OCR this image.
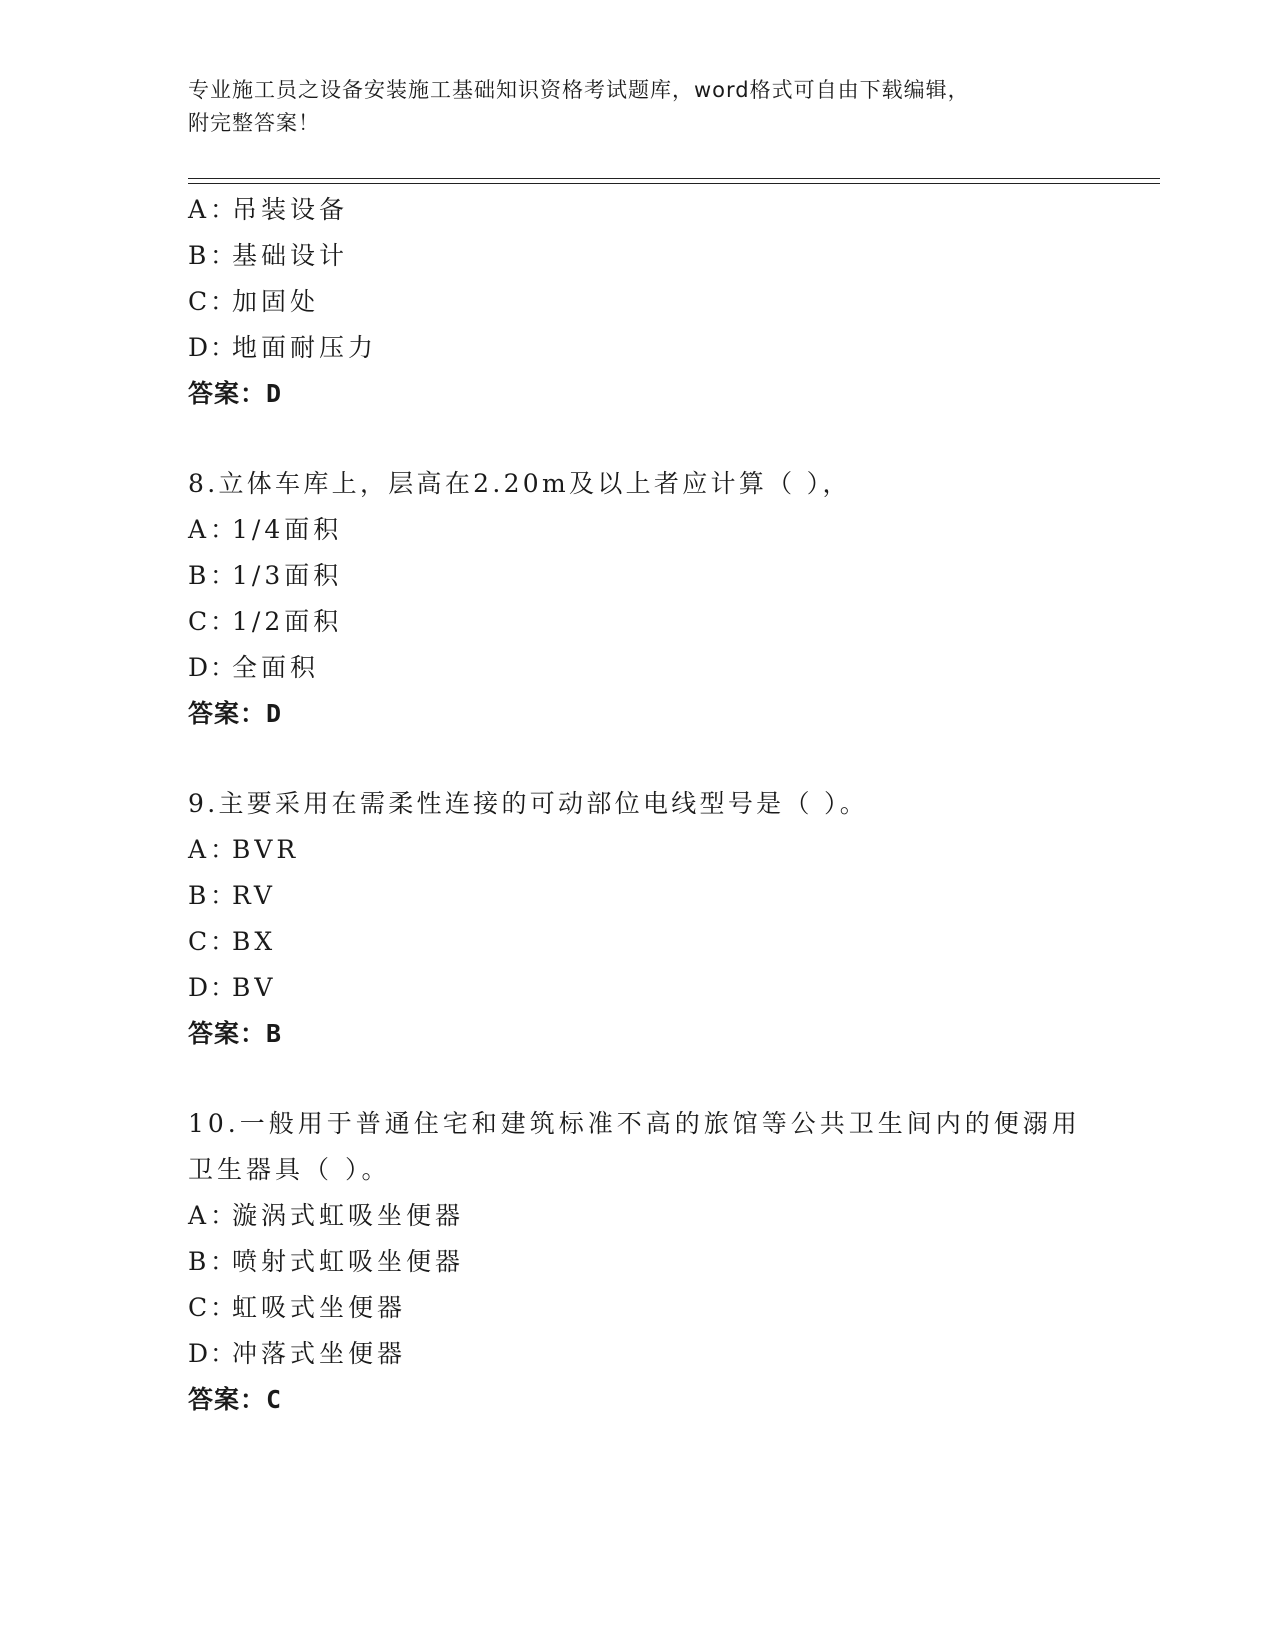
专业施工员之设备安装施工基础知识资格考试题库，word格式可自由下载编辑，
附完整答案！
A ：吊装设备
B ：基础设计
C ：加固处
D：地面耐压力
答案：D
8.立体车库上，层高在2.20m及以上者应计算（ ），
A ：1/4面积
B ：1/3面积
C ：1/2面积
D：全面积
答案：D
9.主要采用在需柔性连接的可动部位电线型号是（ ）。
A ：BVR
B ：RV
C ：BX
D：BV
答案：B
10.一般用于普通住宅和建筑标准不高的旅馆等公共卫生间内的便溺用
卫生器具（ ）。
A ：漩涡式虹吸坐便器
B ：喷射式虹吸坐便器
C ：虹吸式坐便器
D：冲落式坐便器
答案：C
